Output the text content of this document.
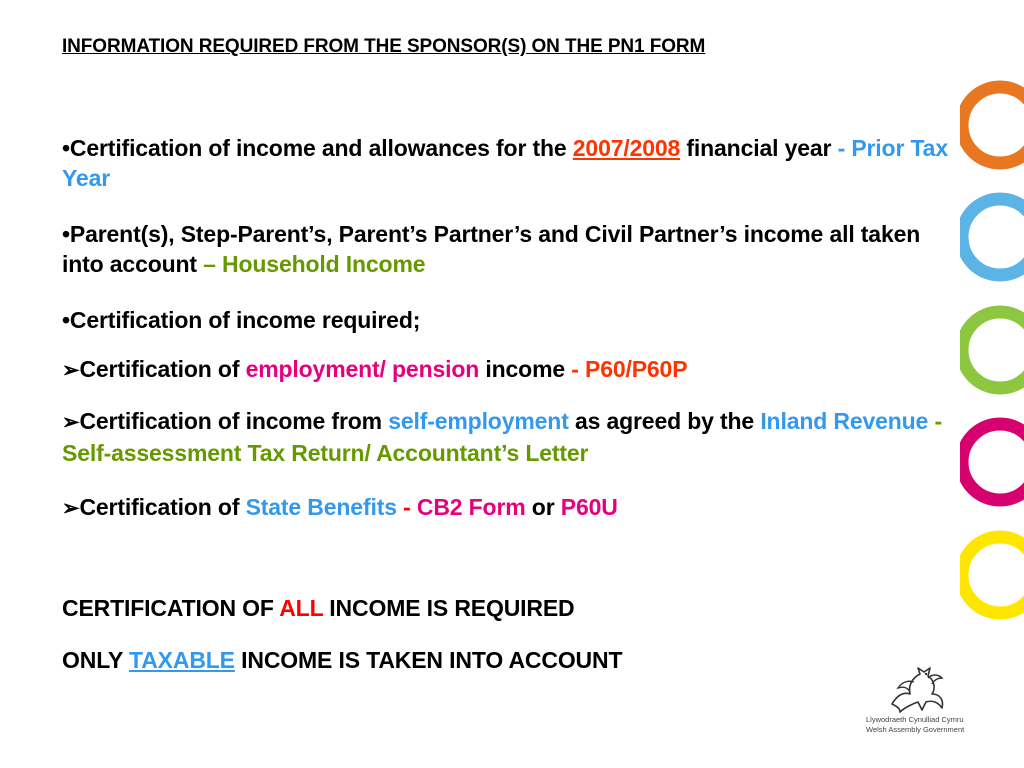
INFORMATION REQUIRED FROM THE SPONSOR(S) ON THE PN1 FORM
•Certification of income and allowances for the 2007/2008 financial year - Prior Tax Year
•Parent(s), Step-Parent’s, Parent’s Partner’s and Civil Partner’s income all taken into account – Household Income
•Certification of income required;
➢Certification of employment/ pension income - P60/P60P
➢Certification of income from self-employment as agreed by the Inland Revenue - Self-assessment Tax Return/ Accountant’s Letter
➢Certification of State Benefits - CB2 Form or P60U
CERTIFICATION OF ALL INCOME IS REQUIRED
ONLY TAXABLE INCOME IS TAKEN INTO ACCOUNT
Llywodraeth Cynulliad Cymru
Welsh Assembly Government
